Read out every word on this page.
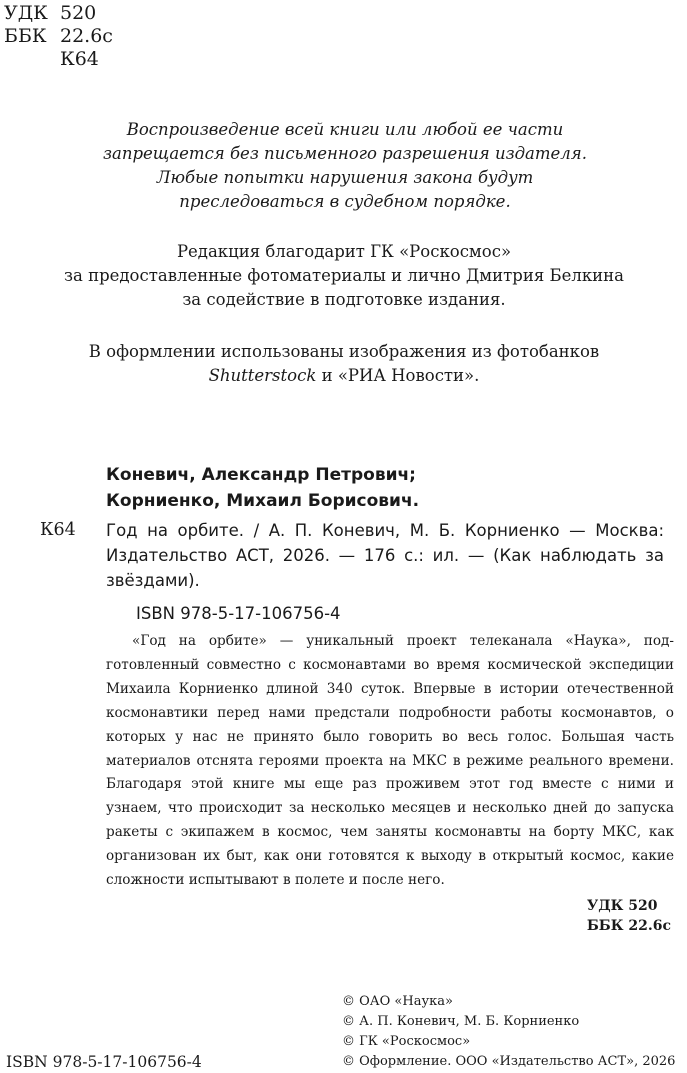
УДК 520
ББК 22.6с
К64
Воспроизведение всей книги или любой ее части
запрещается без письменного разрешения издателя.
Любые попытки нарушения закона будут
преследоваться в судебном порядке.
Редакция благодарит ГК «Роскосмос»
за предоставленные фотоматериалы и лично Дмитрия Белкина
за содействие в подготовке издания.
В оформлении использованы изображения из фотобанков
Shutterstock и «РИА Новости».
Коневич, Александр Петрович;
Корниенко, Михаил Борисович.
К64 Год на орбите. / А. П. Коневич, М. Б. Корниенко — Москва: Издательство АСТ, 2026. — 176 с.: ил. — (Как наблюдать за звёздами).
ISBN 978-5-17-106756-4

«Год на орбите» — уникальный проект телеканала «Наука», подготовленный совместно с космонавтами во время космической экспедиции Михаила Корниенко длиной 340 суток. Впервые в истории отечественной космонавтики перед нами предстали подробности работы космонавтов, о которых у нас не принято было говорить во весь голос. Большая часть материалов отснята героями проекта на МКС в режиме реального времени. Благодаря этой книге мы еще раз проживем этот год вместе с ними и узнаем, что происходит за несколько месяцев и несколько дней до запуска ракеты с экипажем в космос, чем заняты космонавты на борту МКС, как организован их быт, как они готовятся к выходу в открытый космос, какие сложности испытывают в полете и после него.

УДК 520
ББК 22.6с
© ОАО «Наука»
© А. П. Коневич, М. Б. Корниенко
© ГК «Роскосмос»
© Оформление. ООО «Издательство АСТ», 2026
ISBN 978-5-17-106756-4
